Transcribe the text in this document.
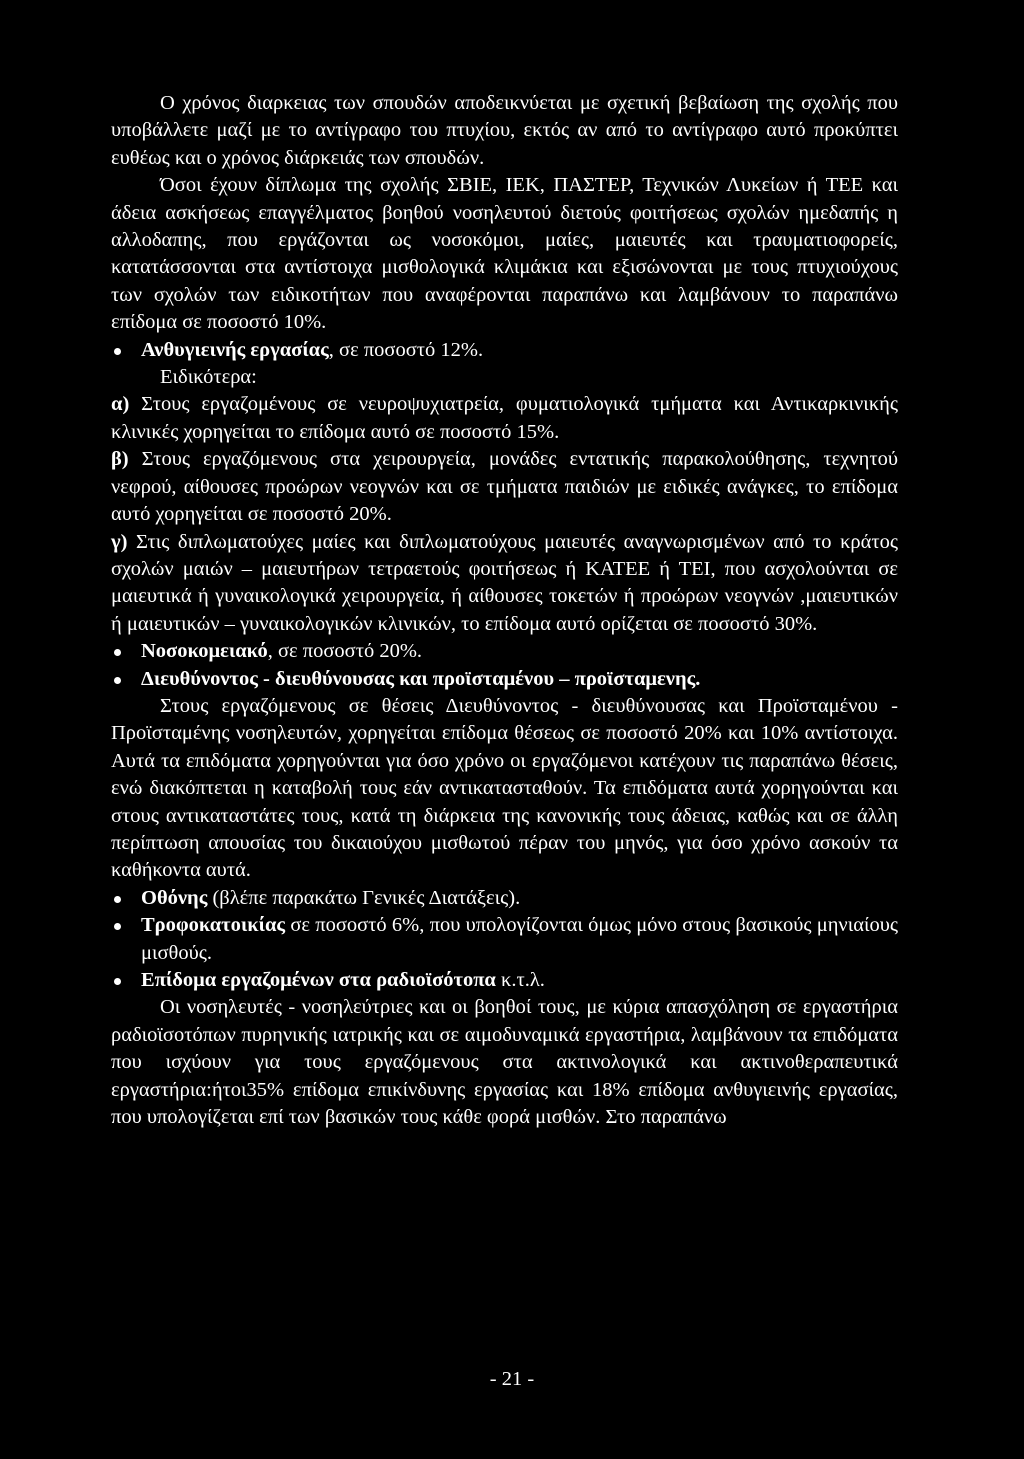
Ο χρόνος διαρκειας των σπουδών αποδεικνύεται με σχετική βεβαίωση της σχολής που υποβάλλετε μαζί με το αντίγραφο του πτυχίου, εκτός αν από το αντίγραφο αυτό προκύπτει ευθέως και ο χρόνος διάρκειάς των σπουδών.

Όσοι έχουν δίπλωμα της σχολής ΣΒΙΕ, ΙΕΚ, ΠΑΣΤΕΡ, Τεχνικών Λυκείων ή ΤΕΕ και άδεια ασκήσεως επαγγέλματος βοηθού νοσηλευτού διετούς φοιτήσεως σχολών ημεδαπής η αλλοδαπης, που εργάζονται ως νοσοκόμοι, μαίες, μαιευτές και τραυματιοφορείς, κατατάσσονται στα αντίστοιχα μισθολογικά κλιμάκια και εξισώνονται με τους πτυχιούχους των σχολών των ειδικοτήτων που αναφέρονται παραπάνω και λαμβάνουν το παραπάνω επίδομα σε ποσοστό 10%.

Ανθυγιεινής εργασίας, σε ποσοστό 12%.

Ειδικότερα:

α) Στους εργαζομένους σε νευροψυχιατρεία, φυματιολογικά τμήματα και Αντικαρκινικής κλινικές χορηγείται το επίδομα αυτό σε ποσοστό 15%.

β) Στους εργαζόμενους στα χειρουργεία, μονάδες εντατικής παρακολούθησης, τεχνητού νεφρού, αίθουσες προώρων νεογνών και σε τμήματα παιδιών με ειδικές ανάγκες, το επίδομα αυτό χορηγείται σε ποσοστό 20%.

γ) Στις διπλωματούχες μαίες και διπλωματούχους μαιευτές αναγνωρισμένων από το κράτος σχολών μαιών – μαιευτήρων τετραετούς φοιτήσεως ή ΚΑΤΕΕ ή ΤΕΙ, που ασχολούνται σε μαιευτικά ή γυναικολογικά χειρουργεία, ή αίθουσες τοκετών ή προώρων νεογνών ,μαιευτικών ή μαιευτικών – γυναικολογικών κλινικών, το επίδομα αυτό ορίζεται σε ποσοστό 30%.

Νοσοκομειακό, σε ποσοστό 20%.

Διευθύνοντος - διευθύνουσας και προϊσταμένου – προϊσταμενης.

Στους εργαζόμενους σε θέσεις Διευθύνοντος - διευθύνουσας και Προϊσταμένου - Προϊσταμένης νοσηλευτών, χορηγείται επίδομα θέσεως σε ποσοστό 20% και 10% αντίστοιχα. Αυτά τα επιδόματα χορηγούνται για όσο χρόνο οι εργαζόμενοι κατέχουν τις παραπάνω θέσεις, ενώ διακόπτεται η καταβολή τους εάν αντικατασταθούν. Τα επιδόματα αυτά χορηγούνται και στους αντικαταστάτες τους, κατά τη διάρκεια της κανονικής τους άδειας, καθώς και σε άλλη περίπτωση απουσίας του δικαιούχου μισθωτού πέραν του μηνός, για όσο χρόνο ασκούν τα καθήκοντα αυτά.

Οθόνης (βλέπε παρακάτω Γενικές Διατάξεις).

Τροφοκατοικίας σε ποσοστό 6%, που υπολογίζονται όμως μόνο στους βασικούς μηνιαίους μισθούς.

Επίδομα εργαζομένων στα ραδιοϊσότοπα κ.τ.λ.

Οι νοσηλευτές - νοσηλεύτριες και οι βοηθοί τους, με κύρια απασχόληση σε εργαστήρια ραδιοϊσοτόπων πυρηνικής ιατρικής και σε αιμοδυναμικά εργαστήρια, λαμβάνουν τα επιδόματα που ισχύουν για τους εργαζόμενους στα ακτινολογικά και ακτινοθεραπευτικά εργαστήρια:ήτοι35% επίδομα επικίνδυνης εργασίας και 18% επίδομα ανθυγιεινής εργασίας, που υπολογίζεται επί των βασικών τους κάθε φορά μισθών. Στο παραπάνω

- 21 -
